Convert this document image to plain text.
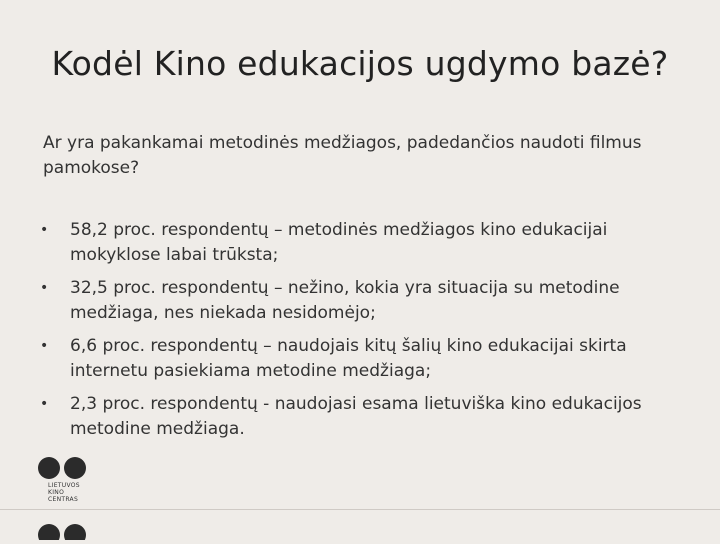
Kodėl Kino edukacijos ugdymo bazė?
Ar yra pakankamai metodinės medžiagos, padedančios naudoti filmus pamokose?
•	58,2 proc. respondentų – metodinės medžiagos kino edukacijai mokyklose labai trūksta;
•	32,5 proc. respondentų – nežino, kokia yra situacija su metodine medžiaga, nes niekada nesidomėjo;
•	6,6 proc. respondentų – naudojais kitų šalių kino edukacijai skirta internetu pasiekiama metodine medžiaga;
•	2,3 proc. respondentų - naudojasi esama lietuviška kino edukacijos metodine medžiaga.
LIETUVOS
KINO
CENTRAS
